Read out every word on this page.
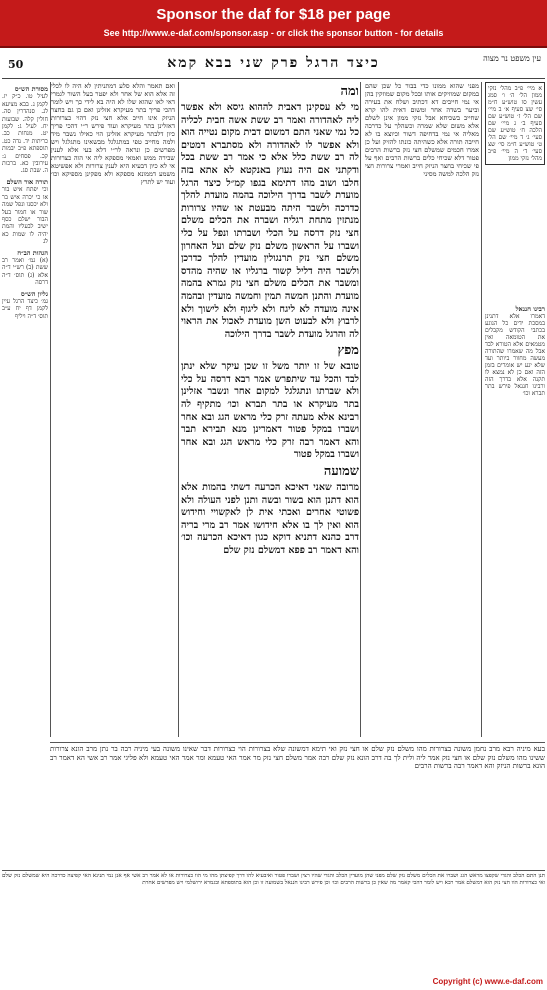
Sponsor the daf for $18 per page
See http://www.e-daf.com/sponsor.asp - or click the sponsor button - for details
50	כיצד הרגל פרק שני בבא קמא	עין משפט נר מצוה
א מיי׳ פ״ב מהל׳ נזקי ממון הל׳ ה׳ ו׳ סמג עשין סו טוש״ע ח״מ סי׳ שצ סעיף א׳ ב מיי׳ שם הל׳ ז׳ טוש״ע שם סעיף ב׳ ג מיי׳ שם הלכה ח׳ טוש״ע שם סעי׳ ג׳ ד מיי׳ שם הל׳ ט׳ טוש״ע ח״מ סי׳ שצ סעי׳ ד׳ ה מיי׳ פ״ב מהל׳ נזקי ממון
רבינו חננאל
דאמרו אלא דתנינן במסכת ידים כל הנוגע בכתבי הקודש מקבלים את הטומאה ואין מטמאים אלא הטורא לבד אבל מה שאמרו שהתורה מעשה מחוור ביותר ועד שלא יגע יש אומרים בזמן הזה ואם כן לא נמצא לו תקנה אלא בדרך הזה ורבינו חננאל פירש בתר תברא וכו׳
מפני שהוא ממונו כדי בבור כל שכן שהם במקום שמוזיקים אותו ובכל מקום שמוזקין בהן אי נמי חייבים דא דכתיב ושלח את בעירה וביער בשדה אחר ומשום דאית להו קרא שחייב בשכיחא אבל נזקי ממון אינן לשלם אלא משום שלא שמרה וכשהלך על כדרכה מאליה אי נמי בדחיפה דשור וכיוצא בו לא חייבה תורה אלא כשהיתה כונתו להזיק ועל כן אמרו חכמים שמשלם חצי נזק ברשות הרבים פטור דלא שכיחי כלים ברשות הרבים ואף על פי שכיחי בחצר הניזק חייב ואמרי צרורות חצי נזק הלכה למשה מסיני
ומה
מי לא עסקינן דאבית לההוא גיסא ולא אפשר ליה לאהדורה ואמר רב ששת אשה חבית לכליה כל נמי שאני התם דמשום דבית מקום נטייה הוא ולא אפשר לו לאהדורה ולא מסתברא דמטים לה רב ששת כלל אלא כי אמר רב ששת בכל ודקתני אם היה נעוץ באנקטא לא אתא בזה חלבו ושוב מהו דתימא בגפו קמ״ל כיצד הרגל מועדת לשבר בדרך הילוכה בהמה מועדת להלך כדרכה ולשבר היתה מבעטת או שהיו צרורות מנתזין מתחת רגליה ושברה את הכלים משלם חצי נזק דרסה על הכלי ושברתו ונפל על כלי ושברו על הראשון משלם נזק שלם ועל האחרון משלם חצי נזק תרנגולין מועדין להלך כדרכן ולשבר היה דליל קשור ברגליו או שהיה מהדס ומשבר את הכלים משלם חצי נזק גמרא בהמה מועדת והתנן חמשה תמין וחמשה מועדין ובהמה אינה מועדה לא ליגח ולא ליגוף ולא לישוך ולא לרבוץ ולא לבעוט השן מועדת לאכול את הראוי לה והרגל מועדת לשבר בדרך הילוכה
מפץ
טובא של זו יותר משל זו שכן עיקר שלא ינתן לבד והכל עד שיתפרש אמר רבא דרסה על כלי ולא שברתו ונתגלגל למקום אחר ונשבר אזלינן בתר מעיקרא או בתר תברא וכו׳ מתקיף לה רבינא אלא מעתה זרק כלי מראש הגג ובא אחר ושברו במקל פטור דאמרינן מנא תבירא תבר והא דאמר רבה זרק כלי מראש הגג ובא אחר ושברו במקל פטור
שמועה
מרובה שאני דאיכא הכרעה דשתי בהמות אלא הוא דתנן הוא בשור ובשה ותנן לפני העולה ולא פשוטי אחרים ואכתי אית לן לאקשויי וחידוש הוא ואין לך בו אלא חידושו אמר רב מרי בריה דרב כהנא דתניא דוקא כגון דאיכא הכרעה וכו׳ והא דאמר רב פפא דמשלם נזק שלם
ואם תאמר והלא סלע דמתניתין לא היה לו לכלי זה אלא הוא של אחר ולא יפטר בעל השור לגמרי דאי לאו שהוא שלו לא היה בא לידי כך ויש לומר דהכי פריך בתר מעיקרא אזלינן ואם כן גם בחצר הניזק אינו חייב אלא חצי נזק דהוי כצרורות דאזלינן בתר מעיקרא ועוד פירש ר״י דהכי פריך כיון דלבתר מעיקרא אזלינן הוי כאילו נשבר מיד ולמה מחייב טפי במתגלגל מבשאינו מתגלגל ויש מפרשים כן ונראה לר״י דלא בעי אלא לענין שבירה ממש ואמאי מספקא ליה אי הוה כצרורות אי לא כיון דבעיא היא לענין צרורות ולא אפשיטא משמע דממונא מספקא ולא מפקינן מספיקא וכו׳ ועוד יש לתרץ
מסורת הש״ס
לעיל טו. כ״ק יז. לקמן נ. בבא מציעא לג. סנהדרין סה. חולין קלה. שבועות יח. לעיל ג: לקמן יט. מנחות כב. כריתות יד. נדה כט. תוספתא פ״ב יבמות קכ. פסחים נ: עירובין כא. ברכות ה. שבת סג.
תורה אור השלם
וכי יפתח איש בור או כי יכרה איש בר ולא יכסנו ונפל שמה שור או חמור בעל הבור ישלם כסף ישיב לבעליו והמת יהיה לו שמות כא לג
הגהות הב״ח
(א) גמ׳ ואמר רב ששת (ב) רש״י ד״ה אלא (ג) תוס׳ ד״ה דרסה
גליון הש״ס
גמ׳ כיצד הרגל עיין לקמן דף יח ע״ב תוס׳ ד״ה ויליף
בעא מיניה רבא מרב נחמן משונה בצרורות מהו משלם נזק שלם או חצי נזק ואי תימא דמשונה שלא בצרורות הוי כצרורות דבר שאינו משונה בעי מיניה רבה בר נתן מרב הונא צרורות ששינו מהו משלם נזק שלם או חצי נזק אמר ליה ולית לך בה דרב הונא נזק שלם רבה אמר משלם חצי נזק מר אמר האי טעמא ומר אמר האי טעמא ולא פליגי אמר רב אשי הא דאמר רב הונא ברשות הניזק והא דאמר רבה ברשות הרבים
תנן התם הכלב והגדי שקפצו מראש הגג ושברו את הכלים משלם נזק שלם מפני שהן מועדין הכלב והגדי שהיו רצין ושברו פטור ואיבעיא להו דרך קפיצתן מהו מי הוו כצרורות או לא אמר רב אשי אף אנן נמי תנינא האי קפיצה כדרכה היא שמשלם נזק שלם ואי כצרורות הוו חצי נזק הוא דמשלם אמר רבא ויש לומר דהכי קאמר מה שאין כן ברשות הרבים וכו׳ וכן פירש רבינו חננאל בשמועה זו וכן הוא בתוספתא ובגמרא ירושלמי ויש מפרשים אחרת
Copyright (c) www.e-daf.com
